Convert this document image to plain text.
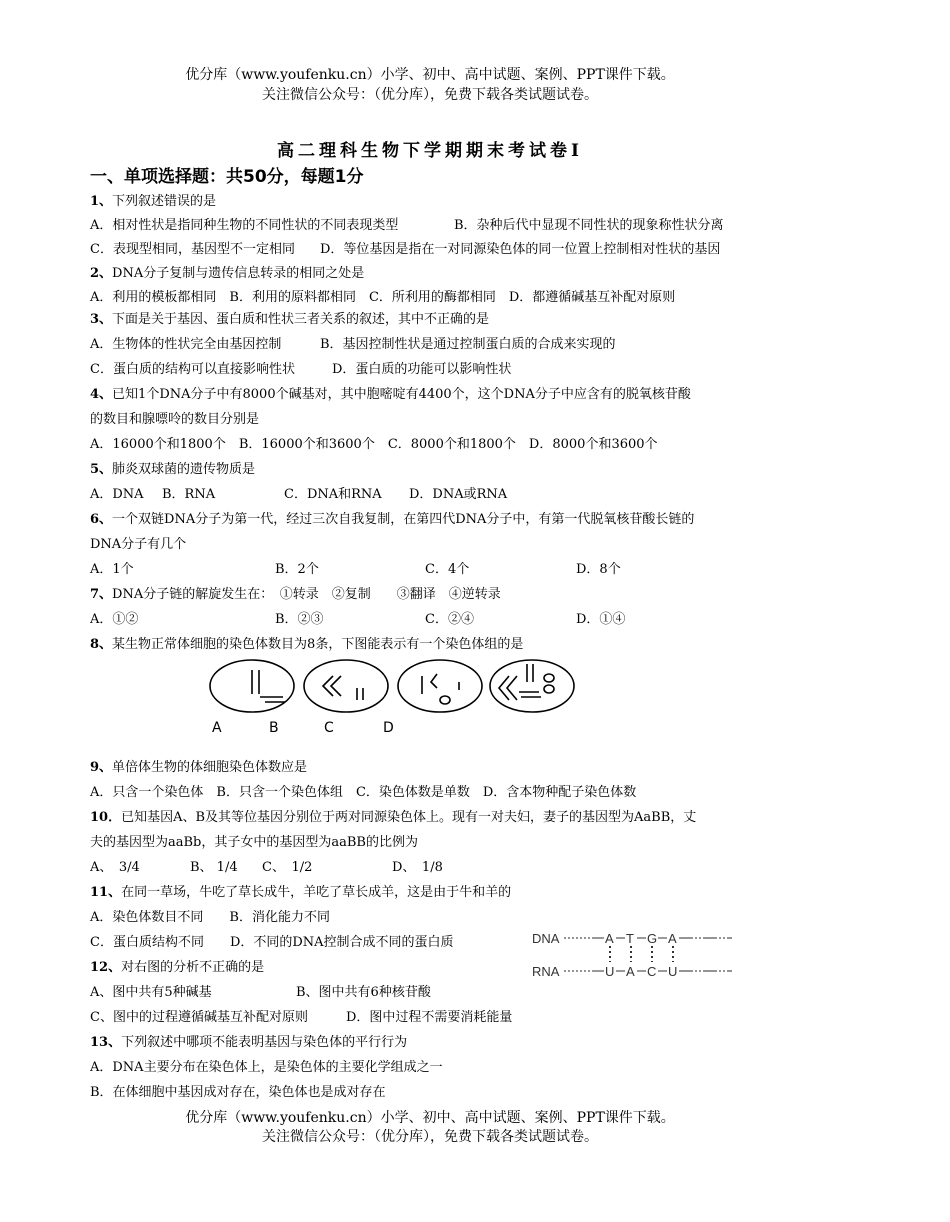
优分库（www.youfenku.cn）小学、初中、高中试题、案例、PPT课件下载。
关注微信公众号：（优分库），免费下载各类试题试卷。
高二理科生物下学期期末考试卷Ⅰ
一、单项选择题：共50分，每题1分
1、下列叙述错误的是
A．相对性状是指同种生物的不同性状的不同表现类型	B．杂种后代中显现不同性状的现象称性状分离
C．表现型相同，基因型不一定相同 D．等位基因是指在一对同源染色体的同一位置上控制相对性状的基因
2、DNA分子复制与遗传信息转录的相同之处是
A．利用的模板都相同　B．利用的原料都相同　C．所利用的酶都相同　D．都遵循碱基互补配对原则
3、下面是关于基因、蛋白质和性状三者关系的叙述，其中不正确的是
A．生物体的性状完全由基因控制	B．基因控制性状是通过控制蛋白质的合成来实现的
C．蛋白质的结构可以直接影响性状	D．蛋白质的功能可以影响性状
4、已知1个DNA分子中有8000个碱基对，其中胞嘧啶有4400个，这个DNA分子中应含有的脱氧核苷酸
的数目和腺嘌呤的数目分别是
A．16000个和1800个　B．16000个和3600个　C．8000个和1800个　D．8000个和3600个
5、肺炎双球菌的遗传物质是
A．DNA B．RNA	C．DNA和RNA D．DNA或RNA
6、一个双链DNA分子为第一代，经过三次自我复制，在第四代DNA分子中，有第一代脱氧核苷酸长链的
DNA分子有几个
A．1个	B．2个	C．4个	D．8个
7、DNA分子链的解旋发生在：　①转录　②复制　　③翻译　④逆转录
A．①②	B．②③	C．②④	D．①④
8、某生物正常体细胞的染色体数目为8条，下图能表示有一个染色体组的是
A	B	C	D
9、单倍体生物的体细胞染色体数应是
A．只含一个染色体　B．只含一个染色体组　C．染色体数是单数　D．含本物种配子染色体数
10．已知基因A、B及其等位基因分别位于两对同源染色体上。现有一对夫妇，妻子的基因型为AaBB，丈
夫的基因型为aaBb，其子女中的基因型为aaBB的比例为
A、　3/4	B、 1/4 C、　1/2	D、　1/8
11、在同一草场，牛吃了草长成牛，羊吃了草长成羊，这是由于牛和羊的
A．染色体数目不同　　B．消化能力不同
C．蛋白质结构不同　　D．不同的DNA控制合成不同的蛋白质
12、对右图的分析不正确的是
A、图中共有5种碱基	B、图中共有6种核苷酸
C、图中的过程遵循碱基互补配对原则	D．图中过程不需要消耗能量
DNA
RNA
A T G A
U A C U
13、下列叙述中哪项不能表明基因与染色体的平行行为
A．DNA主要分布在染色体上，是染色体的主要化学组成之一
B．在体细胞中基因成对存在，染色体也是成对存在
优分库（www.youfenku.cn）小学、初中、高中试题、案例、PPT课件下载。
关注微信公众号：（优分库），免费下载各类试题试卷。
